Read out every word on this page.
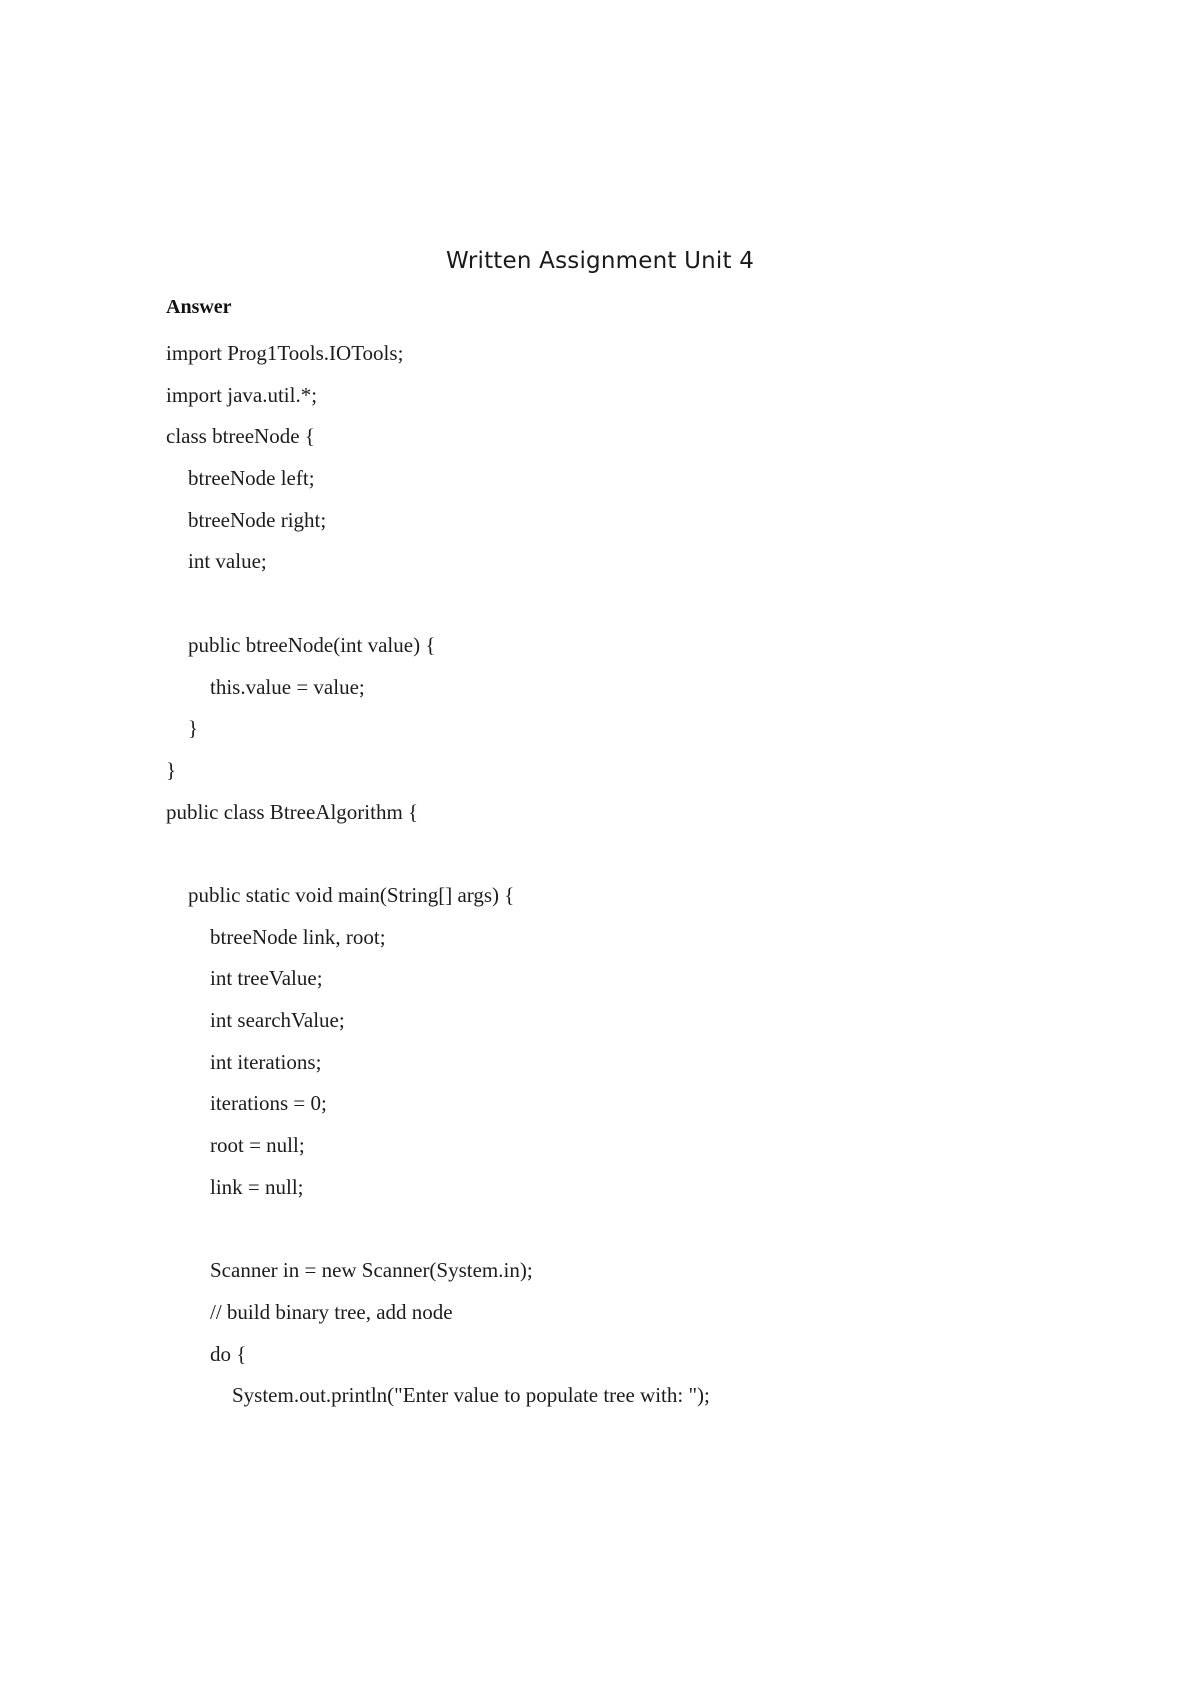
Written Assignment Unit 4

Answer

import Prog1Tools.IOTools;
import java.util.*;
class btreeNode {
btreeNode left;
btreeNode right;
int value;
public btreeNode(int value) {
this.value = value;
}
}
public class BtreeAlgorithm {
public static void main(String[] args) {
btreeNode link, root;
int treeValue;
int searchValue;
int iterations;
iterations = 0;
root = null;
link = null;
Scanner in = new Scanner(System.in);
// build binary tree, add node
do {
System.out.println("Enter value to populate tree with: ");
